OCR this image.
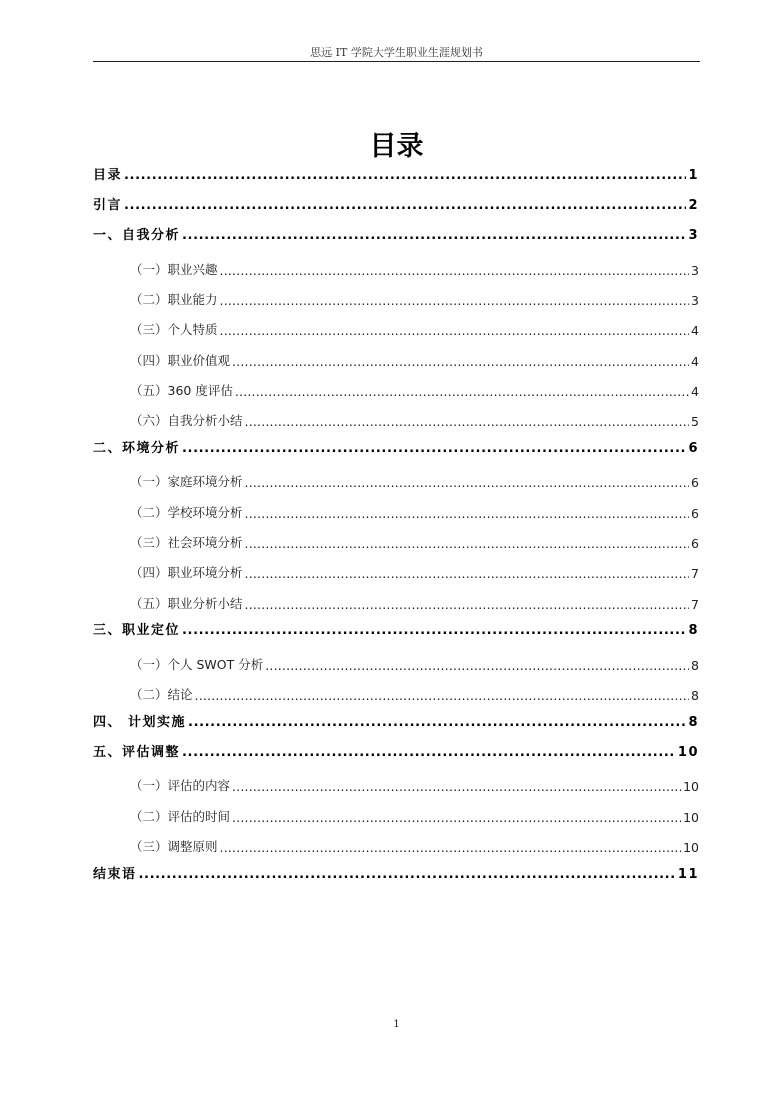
思远 IT 学院大学生职业生涯规划书
目录
目录 .....	1
引言 .....	2
一、自我分析 .....	3
（一）职业兴趣 .....	3
（二）职业能力 .....	3
（三）个人特质 .....	4
（四）职业价值观 .....	4
（五）360 度评估 .....	4
（六）自我分析小结 .....	5
二、环境分析 .....	6
（一）家庭环境分析 .....	6
（二）学校环境分析 .....	6
（三）社会环境分析 .....	6
（四）职业环境分析 .....	7
（五）职业分析小结 .....	7
三、职业定位 .....	8
（一）个人 SWOT 分析 .....	8
（二）结论 .....	8
四、 计划实施 .....	8
五、评估调整 .....	10
（一）评估的内容 .....	10
（二）评估的时间 .....	10
（三）调整原则 .....	10
结束语 .....	11
1
